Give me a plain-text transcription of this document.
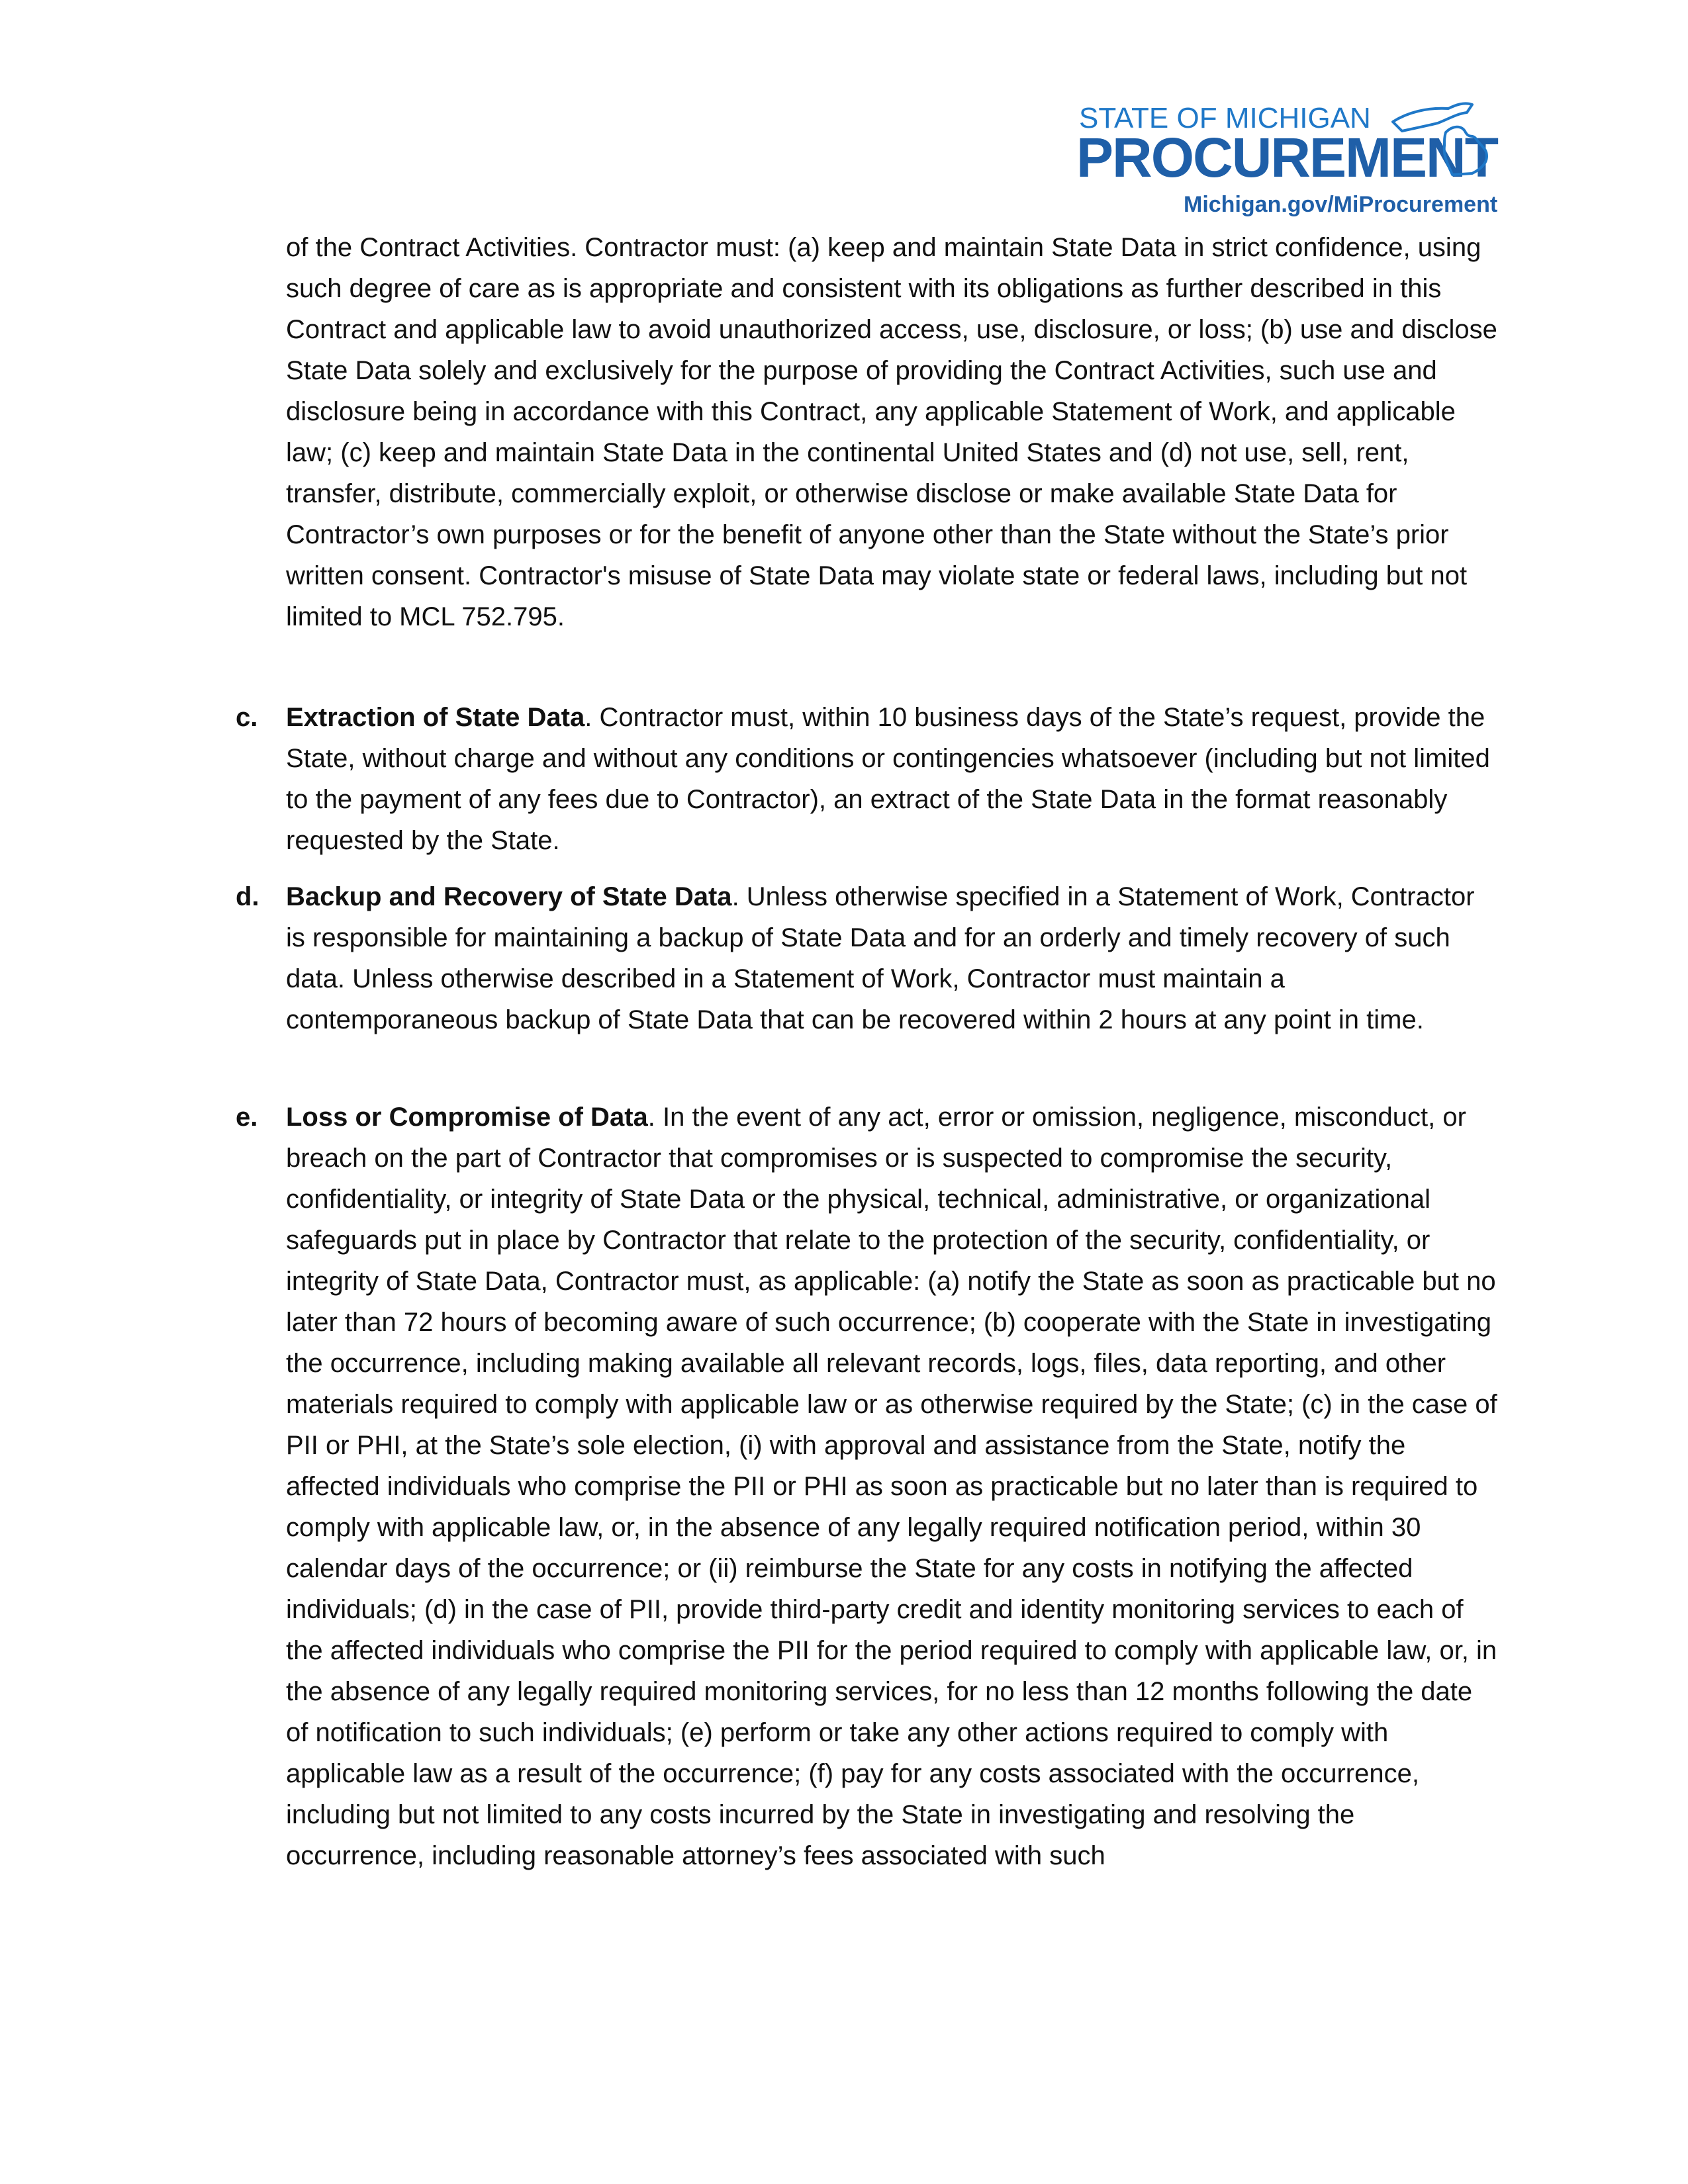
STATE OF MICHIGAN
PROCUREMENT
Michigan.gov/MiProcurement
of the Contract Activities. Contractor must: (a) keep and maintain State Data in strict confidence, using such degree of care as is appropriate and consistent with its obligations as further described in this Contract and applicable law to avoid unauthorized access, use, disclosure, or loss; (b) use and disclose State Data solely and exclusively for the purpose of providing the Contract Activities, such use and disclosure being in accordance with this Contract, any applicable Statement of Work, and applicable law; (c) keep and maintain State Data in the continental United States and (d) not use, sell, rent, transfer, distribute, commercially exploit, or otherwise disclose or make available State Data for Contractor’s own purposes or for the benefit of anyone other than the State without the State’s prior written consent. Contractor's misuse of State Data may violate state or federal laws, including but not limited to MCL 752.795.
c.	Extraction of State Data. Contractor must, within 10 business days of the State’s request, provide the State, without charge and without any conditions or contingencies whatsoever (including but not limited to the payment of any fees due to Contractor), an extract of the State Data in the format reasonably requested by the State.
d.	Backup and Recovery of State Data. Unless otherwise specified in a Statement of Work, Contractor is responsible for maintaining a backup of State Data and for an orderly and timely recovery of such data. Unless otherwise described in a Statement of Work, Contractor must maintain a contemporaneous backup of State Data that can be recovered within 2 hours at any point in time.
e.	Loss or Compromise of Data. In the event of any act, error or omission, negligence, misconduct, or breach on the part of Contractor that compromises or is suspected to compromise the security, confidentiality, or integrity of State Data or the physical, technical, administrative, or organizational safeguards put in place by Contractor that relate to the protection of the security, confidentiality, or integrity of State Data, Contractor must, as applicable: (a) notify the State as soon as practicable but no later than 72 hours of becoming aware of such occurrence; (b) cooperate with the State in investigating the occurrence, including making available all relevant records, logs, files, data reporting, and other materials required to comply with applicable law or as otherwise required by the State; (c) in the case of PII or PHI, at the State’s sole election, (i) with approval and assistance from the State, notify the affected individuals who comprise the PII or PHI as soon as practicable but no later than is required to comply with applicable law, or, in the absence of any legally required notification period, within 30 calendar days of the occurrence; or (ii) reimburse the State for any costs in notifying the affected individuals; (d) in the case of PII, provide third-party credit and identity monitoring services to each of the affected individuals who comprise the PII for the period required to comply with applicable law, or, in the absence of any legally required monitoring services, for no less than 12 months following the date of notification to such individuals; (e) perform or take any other actions required to comply with applicable law as a result of the occurrence; (f) pay for any costs associated with the occurrence, including but not limited to any costs incurred by the State in investigating and resolving the occurrence, including reasonable attorney’s fees associated with such
